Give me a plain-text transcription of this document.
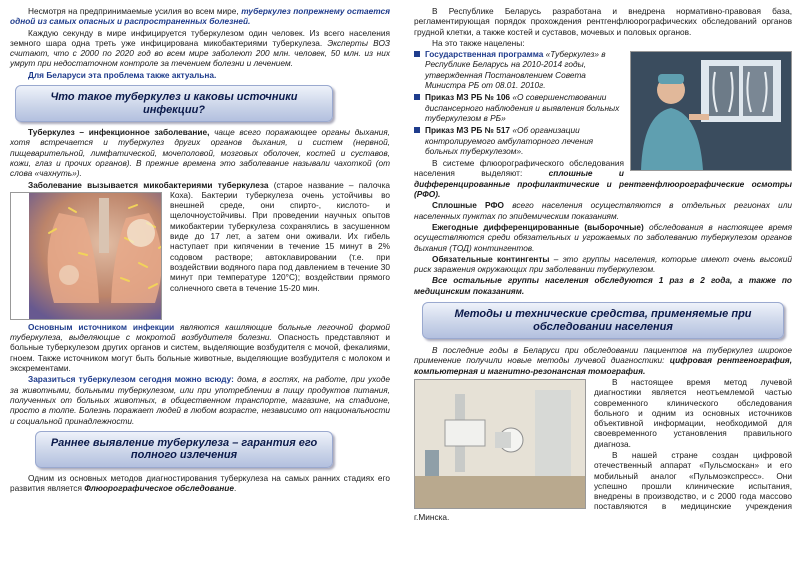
Несмотря на предпринимаемые усилия во всем мире, туберкулез попрежнему остается одной из самых опасных и распространенных болезней.

Каждую секунду в мире инфицируется туберкулезом один человек. Из всего населения земного шара одна треть уже инфицирована микобактериями туберкулеза. Эксперты ВОЗ считают, что с 2000 по 2020 год во всем мире заболеют 200 млн. человек, 50 млн. из них умрут при недостаточном контроле за течением болезни и лечением.

Для Беларуси эта проблема также актуальна.

Что такое туберкулез и каковы источники инфекции?

Туберкулез – инфекционное заболевание, чаще всего поражающее органы дыхания, хотя встречается и туберкулез других органов дыхания, и систем (нервной, пищеварительной, лимфатической, мочеполовой, мозговых оболочек, костей и суставов, кожи, глаз и прочих органов). В прежние времена это заболевание называли чахоткой (от слова «чахнуть»).

Заболевание вызывается микобактериями туберкулеза
(старое название – палочка Коха). Бактерии туберкулеза очень устойчивы во внешней среде, они спирто-, кислото- и щелочноустойчивы. При проведении научных опытов микобактерии туберкулеза сохранялись в засушенном виде до 17 лет, а затем они оживали. Их гибель наступает при кипячении в течение 15 минут в 2% содовом растворе; автоклавировании (т.е. при воздействии водяного пара под давлением в течение 30 минут при температуре 120°С); воздействии прямого солнечного света в течение 15-20 мин.

Основным источником инфекции являются кашляющие больные легочной формой туберкулеза, выделяющие с мокротой возбудителя болезни. Опасность представляют и больные туберкулезом других органов и систем, выделяющие возбудителя с мочой, фекалиями, гноем. Также источником могут быть больные животные, выделяющие возбудителя с молоком и экскрементами.

Заразиться туберкулезом сегодня можно всюду: дома, в гостях, на работе, при уходе за животными, больными туберкулезом, или при употреблении в пищу продуктов питания, полученных от больных животных, в общественном транспорте, магазине, на стадионе, просто в толпе. Болезнь поражает людей в любом возрасте, независимо от национальности и социальной принадлежности.

Раннее выявление туберкулеза – гарантия его полного излечения

Одним из основных методов диагностирования туберкулеза на самых ранних стадиях его развития является Флюорографическое обследование.

В Республике Беларусь разработана и внедрена нормативно-правовая база, регламентирующая порядок прохождения рентгенфлюорографических обследований органов грудной клетки, а также костей и суставов, мочевых и половых органов.

На это также нацелены:

Государственная программа «Туберкулез» в Республике Беларусь на 2010-2014 годы, утвержденная Постановлением Совета Министра РБ от 08.01. 2010г.
Приказ МЗ РБ № 106 «О совершенствовании диспансерного наблюдения и выявления больных туберкулезом в РБ»
Приказ МЗ РБ № 517 «Об организации контролируемого амбулаторного лечения больных туберкулезом».

В системе флюорографического обследования населения выделяют: сплошные и дифференцированные профилактические и рентгенфлюорографические осмотры (РФО).

Сплошные РФО всего населения осуществляются в отдельных регионах или населенных пунктах по эпидемическим показаниям.

Ежегодные дифференцированные (выборочные) обследования в настоящее время осуществляются среди обязательных и угрожаемых по заболеванию туберкулезом органов дыхания (ТОД) контингентов.

Обязательные контингенты – это группы населения, которые имеют очень высокий риск заражения окружающих при заболевании туберкулезом.

Все остальные группы населения обследуются 1 раз в 2 года, а также по медицинским показаниям.

Методы и технические средства, применяемые при обследовании населения

В последние годы в Беларуси при обследовании пациентов на туберкулез широкое применение получили новые методы лучевой диагностики: цифровая рентгенография, компьютерная и магнитно-резонансная томография.

В настоящее время метод лучевой диагностики является неотъемлемой частью современного клинического обследования больного и одним из основных источников объективной информации, необходимой для своевременного установления правильного диагноза.

В нашей стране создан цифровой отечественный аппарат «Пульсмоскан» и его мобильный аналог «Пульмоэкспресс». Они успешно прошли клинические испытания, внедрены в производство, и с 2000 года массово поставляются в медицинские учреждения г.Минска.
